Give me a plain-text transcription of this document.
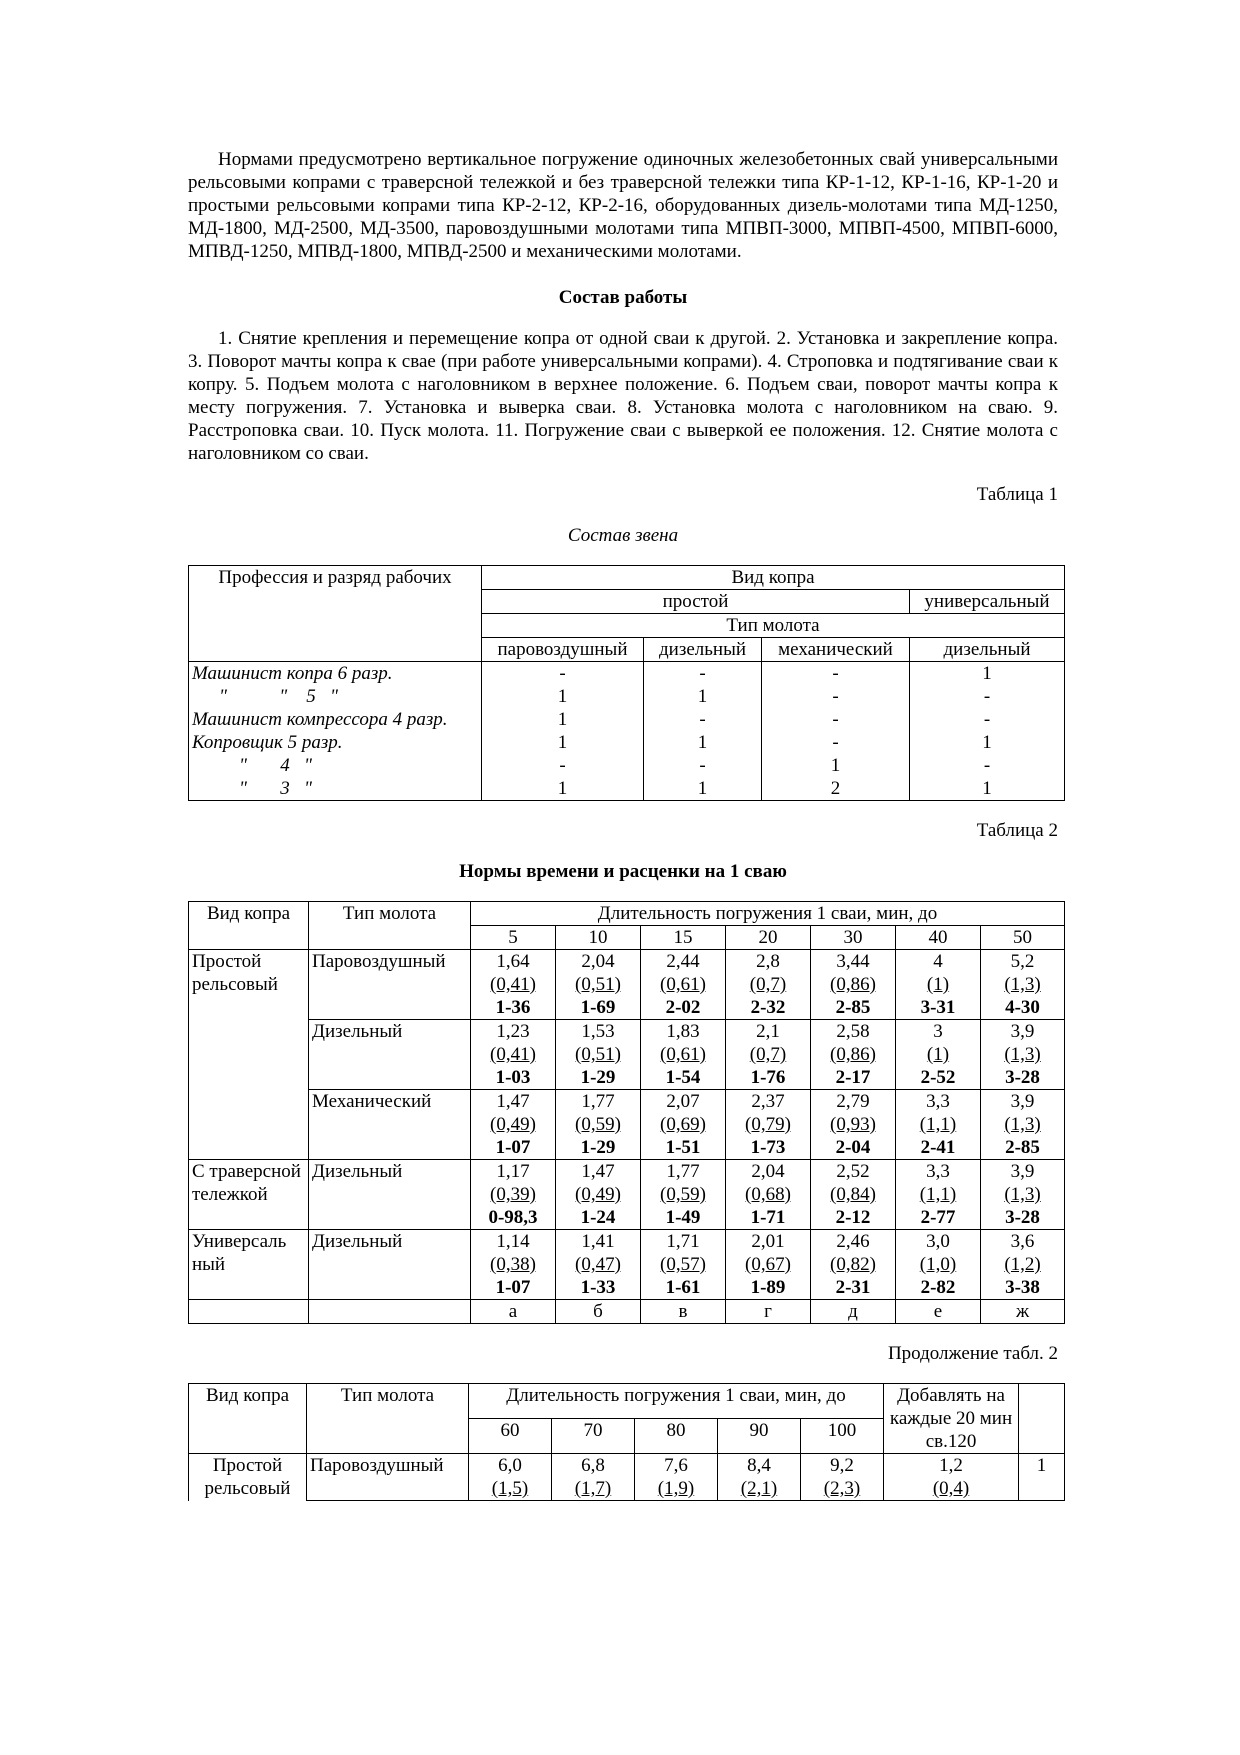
Нормами предусмотрено вертикальное погружение одиночных железобетонных свай универсальными рельсовыми копрами с траверсной тележкой и без траверсной тележки типа КР-1-12, КР-1-16, КР-1-20 и простыми рельсовыми копрами типа КР-2-12, КР-2-16, оборудованных дизель-молотами типа МД-1250, МД-1800, МД-2500, МД-3500, паровоздушными молотами типа МПВП-3000, МПВП-4500, МПВП-6000, МПВД-1250, МПВД-1800, МПВД-2500 и механическими молотами.

Состав работы

1. Снятие крепления и перемещение копра от одной сваи к другой. 2. Установка и закрепление копра. 3. Поворот мачты копра к свае (при работе универсальными копрами). 4. Строповка и подтягивание сваи к копру. 5. Подъем молота с наголовником в верхнее положение. 6. Подъем сваи, поворот мачты копра к месту погружения. 7. Установка и выверка сваи. 8. Установка молота с наголовником на сваю. 9. Расстроповка сваи. 10. Пуск молота. 11. Погружение сваи с выверкой ее положения. 12. Снятие молота с наголовником со сваи.

Таблица 1

Состав звена

Профессия и разряд рабочих	Вид копра			
	простой			универсальный
	Тип молота			
	паровоздушный	дизельный	механический	дизельный
Машинист копра 6 разр.	-	-	-	1
"           "    5   "	1	1	-	-
Машинист компрессора 4 разр.	1	-	-	-
Копровщик 5 разр.	1	1	-	1
"       4   "	-	-	1	-
"       3   "	1	1	2	1

Таблица 2

Нормы времени и расценки на 1 сваю

Вид копра	Тип молота	Длительность погружения 1 сваи, мин, до						
		5	10	15	20	30	40	50
Простой рельсовый	Паровоздушный	1,64
(0,41)
1-36	2,04
(0,51)
1-69	2,44
(0,61)
2-02	2,8
(0,7)
2-32	3,44
(0,86)
2-85	4
(1)
3-31	5,2
(1,3)
4-30

	Дизельный	1,23
(0,41)
1-03	1,53
(0,51)
1-29	1,83
(0,61)
1-54	2,1
(0,7)
1-76	2,58
(0,86)
2-17	3
(1)
2-52	3,9
(1,3)
3-28

	Механический	1,47
(0,49)
1-07	1,77
(0,59)
1-29	2,07
(0,69)
1-51	2,37
(0,79)
1-73	2,79
(0,93)
2-04	3,3
(1,1)
2-41	3,9
(1,3)
2-85

С траверсной тележкой	Дизельный	1,17
(0,39)
0-98,3	1,47
(0,49)
1-24	1,77
(0,59)
1-49	2,04
(0,68)
1-71	2,52
(0,84)
2-12	3,3
(1,1)
2-77	3,9
(1,3)
3-28

Универсаль ный	Дизельный	1,14
(0,38)
1-07	1,41
(0,47)
1-33	1,71
(0,57)
1-61	2,01
(0,67)
1-89	2,46
(0,82)
2-31	3,0
(1,0)
2-82	3,6
(1,2)
3-38

		а	б	в	г	д	е	ж

Продолжение табл. 2

Вид копра	Тип молота	Длительность погружения 1 сваи, мин, до					Добавлять на каждые 20 мин св.120	
		60	70	80	90	100		
Простой рельсовый	Паровоздушный	6,0
(1,5)	6,8
(1,7)	7,6
(1,9)	8,4
(2,1)	9,2
(2,3)	1,2
(0,4)	1
